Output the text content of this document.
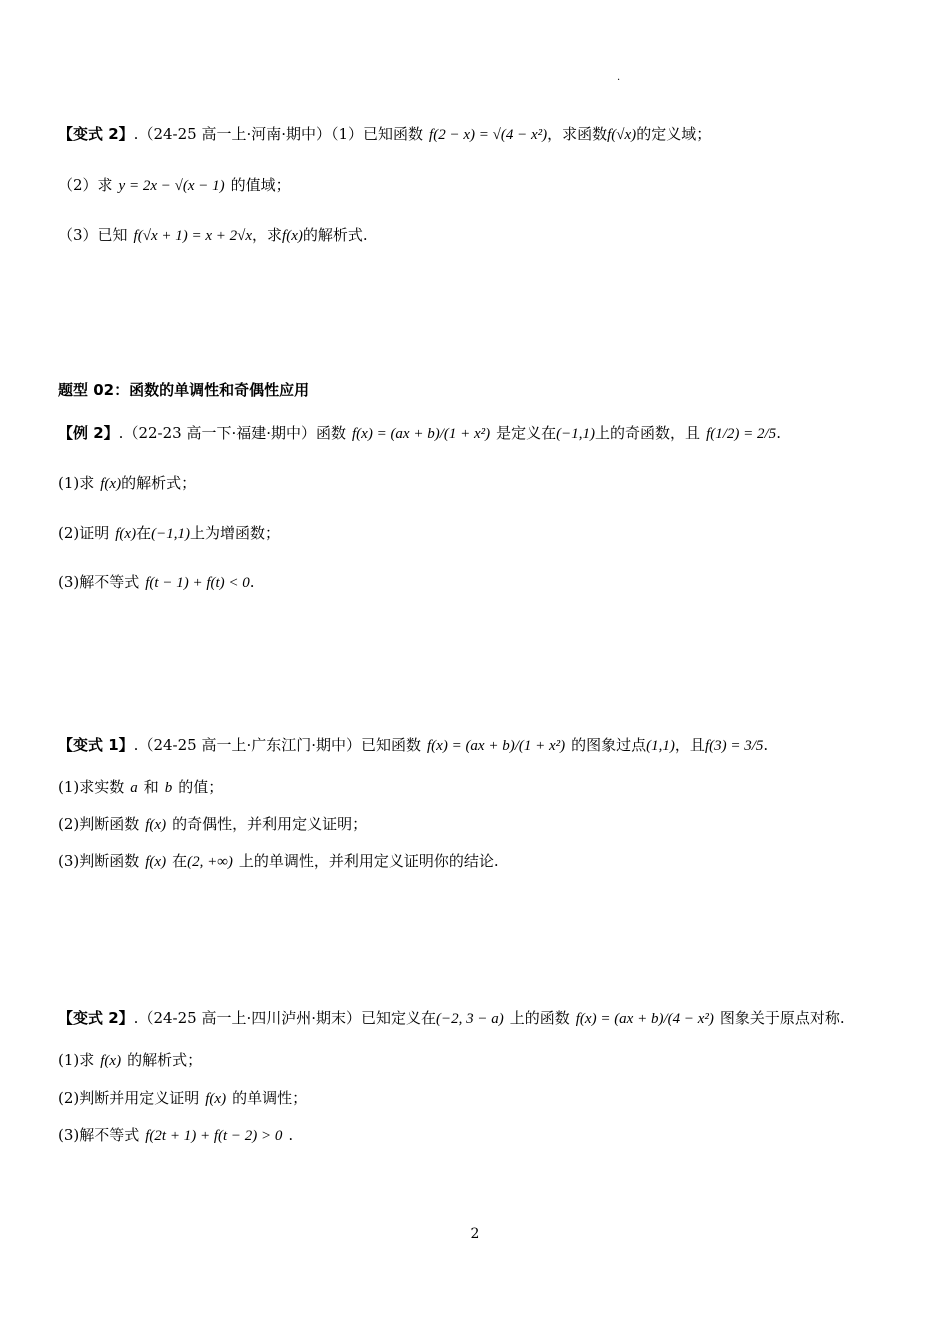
.
【变式 2】.（24-25 高一上·河南·期中）（1）已知函数 f(2 − x) = √(4 − x²)，求函数f(√x)的定义域；
（2）求 y = 2x − √(x − 1) 的值域；
（3）已知 f(√x + 1) = x + 2√x，求f(x)的解析式.
题型 02：函数的单调性和奇偶性应用
【例 2】.（22-23 高一下·福建·期中）函数 f(x) = (ax + b)/(1 + x²) 是定义在(−1,1)上的奇函数，且 f(1/2) = 2/5.
(1)求 f(x)的解析式；
(2)证明 f(x)在(−1,1)上为增函数；
(3)解不等式 f(t − 1) + f(t) < 0.
【变式 1】.（24-25 高一上·广东江门·期中）已知函数 f(x) = (ax + b)/(1 + x²) 的图象过点(1,1)，且f(3) = 3/5.
(1)求实数 a 和 b 的值；
(2)判断函数 f(x) 的奇偶性，并利用定义证明；
(3)判断函数 f(x) 在(2, +∞) 上的单调性，并利用定义证明你的结论.
【变式 2】.（24-25 高一上·四川泸州·期末）已知定义在(−2, 3 − a) 上的函数 f(x) = (ax + b)/(4 − x²) 图象关于原点对称.
(1)求 f(x) 的解析式；
(2)判断并用定义证明 f(x) 的单调性；
(3)解不等式 f(2t + 1) + f(t − 2) > 0 .
2
